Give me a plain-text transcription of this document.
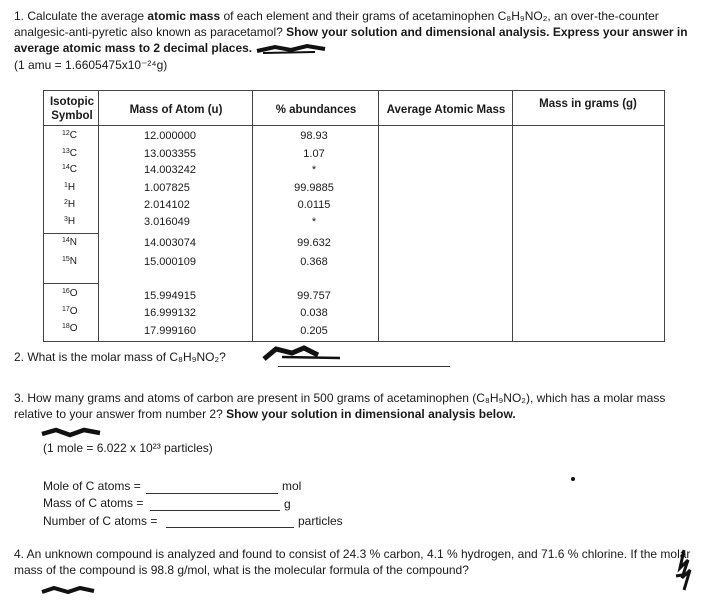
1. Calculate the average atomic mass of each element and their grams of acetaminophen C₈H₉NO₂, an over-the-counter analgesic-anti-pyretic also known as paracetamol? Show your solution and dimensional analysis. Express your answer in average atomic mass to 2 decimal places.
(1 amu = 1.6605475x10⁻²⁴g)
Isotopic Symbol	Mass of Atom (u)	% abundances	Average Atomic Mass	Mass in grams (g)
$^{12}$C	12.000000	98.93
$^{13}$C	13.003355	1.07
$^{14}$C	14.003242	*
$^1$H	1.007825	99.9885
$^2$H	2.014102	0.0115
$^3$H	3.016049	*
$^{14}$N	14.003074	99.632
$^{15}$N	15.000109	0.368
$^{16}$O	15.994915	99.757
$^{17}$O	16.999132	0.038
$^{18}$O	17.999160	0.205
2. What is the molar mass of C₈H₉NO₂?
3. How many grams and atoms of carbon are present in 500 grams of acetaminophen (C₈H₉NO₂), which has a molar mass relative to your answer from number 2? Show your solution in dimensional analysis below.
(1 mole = 6.022 x 10²³ particles)
Mole of C atoms =	mol
Mass of C atoms =	g
Number of C atoms =	particles
4. An unknown compound is analyzed and found to consist of 24.3 % carbon, 4.1 % hydrogen, and 71.6 % chlorine. If the molar mass of the compound is 98.8 g/mol, what is the molecular formula of the compound?
